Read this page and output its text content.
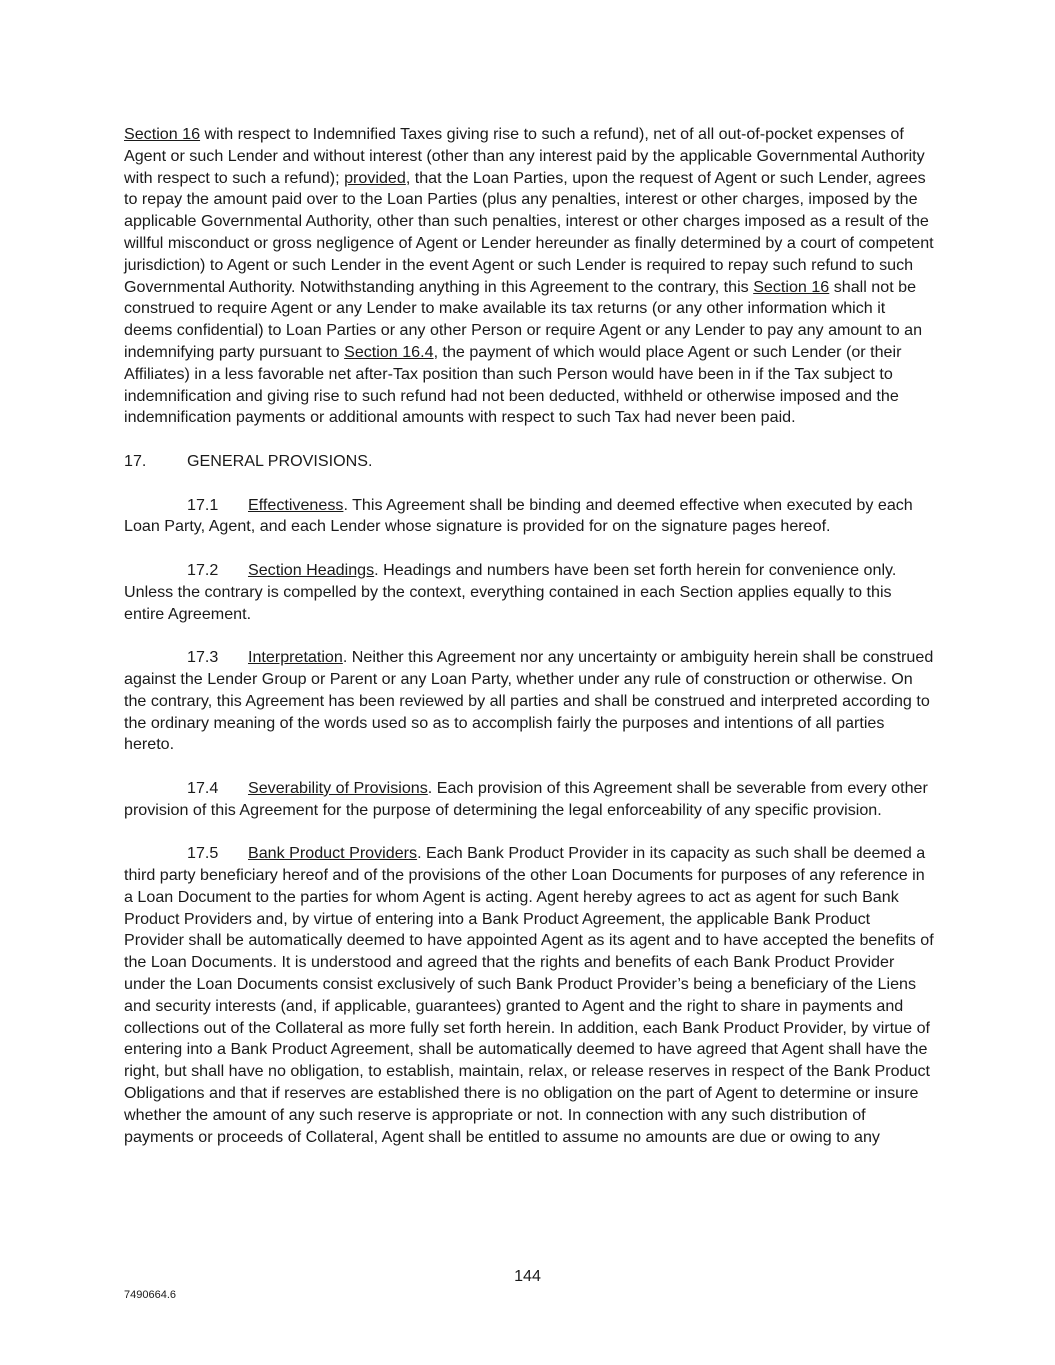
Section 16 with respect to Indemnified Taxes giving rise to such a refund), net of all out-of-pocket expenses of Agent or such Lender and without interest (other than any interest paid by the applicable Governmental Authority with respect to such a refund); provided, that the Loan Parties, upon the request of Agent or such Lender, agrees to repay the amount paid over to the Loan Parties (plus any penalties, interest or other charges, imposed by the applicable Governmental Authority, other than such penalties, interest or other charges imposed as a result of the willful misconduct or gross negligence of Agent or Lender hereunder as finally determined by a court of competent jurisdiction) to Agent or such Lender in the event Agent or such Lender is required to repay such refund to such Governmental Authority. Notwithstanding anything in this Agreement to the contrary, this Section 16 shall not be construed to require Agent or any Lender to make available its tax returns (or any other information which it deems confidential) to Loan Parties or any other Person or require Agent or any Lender to pay any amount to an indemnifying party pursuant to Section 16.4, the payment of which would place Agent or such Lender (or their Affiliates) in a less favorable net after-Tax position than such Person would have been in if the Tax subject to indemnification and giving rise to such refund had not been deducted, withheld or otherwise imposed and the indemnification payments or additional amounts with respect to such Tax had never been paid.

17.	GENERAL PROVISIONS.

17.1 Effectiveness. This Agreement shall be binding and deemed effective when executed by each Loan Party, Agent, and each Lender whose signature is provided for on the signature pages hereof.

17.2 Section Headings. Headings and numbers have been set forth herein for convenience only. Unless the contrary is compelled by the context, everything contained in each Section applies equally to this entire Agreement.

17.3 Interpretation. Neither this Agreement nor any uncertainty or ambiguity herein shall be construed against the Lender Group or Parent or any Loan Party, whether under any rule of construction or otherwise. On the contrary, this Agreement has been reviewed by all parties and shall be construed and interpreted according to the ordinary meaning of the words used so as to accomplish fairly the purposes and intentions of all parties hereto.

17.4 Severability of Provisions. Each provision of this Agreement shall be severable from every other provision of this Agreement for the purpose of determining the legal enforceability of any specific provision.

17.5 Bank Product Providers. Each Bank Product Provider in its capacity as such shall be deemed a third party beneficiary hereof and of the provisions of the other Loan Documents for purposes of any reference in a Loan Document to the parties for whom Agent is acting. Agent hereby agrees to act as agent for such Bank Product Providers and, by virtue of entering into a Bank Product Agreement, the applicable Bank Product Provider shall be automatically deemed to have appointed Agent as its agent and to have accepted the benefits of the Loan Documents. It is understood and agreed that the rights and benefits of each Bank Product Provider under the Loan Documents consist exclusively of such Bank Product Provider’s being a beneficiary of the Liens and security interests (and, if applicable, guarantees) granted to Agent and the right to share in payments and collections out of the Collateral as more fully set forth herein. In addition, each Bank Product Provider, by virtue of entering into a Bank Product Agreement, shall be automatically deemed to have agreed that Agent shall have the right, but shall have no obligation, to establish, maintain, relax, or release reserves in respect of the Bank Product Obligations and that if reserves are established there is no obligation on the part of Agent to determine or insure whether the amount of any such reserve is appropriate or not. In connection with any such distribution of payments or proceeds of Collateral, Agent shall be entitled to assume no amounts are due or owing to any

144
7490664.6
